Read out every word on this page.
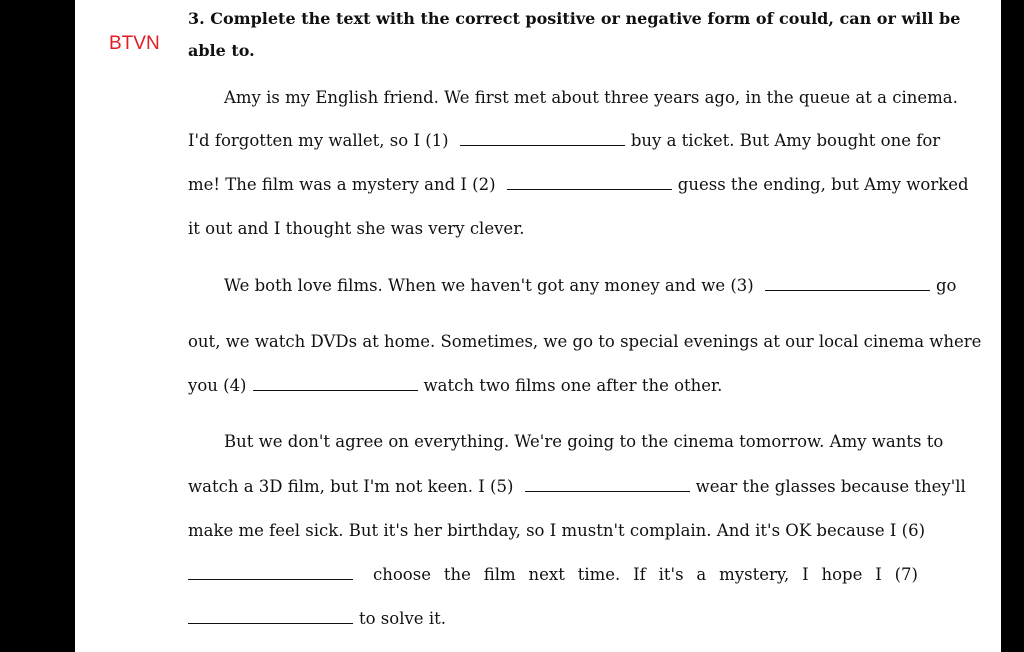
BTVN
3. Complete the text with the correct positive or negative form of could, can or will be
able to.
Amy is my English friend. We first met about three years ago, in the queue at a cinema.
I'd forgotten my wallet, so I (1)	buy a ticket. But Amy bought one for
me! The film was a mystery and I (2)	guess the ending, but Amy worked
it out and I thought she was very clever.
We both love films. When we haven't got any money and we (3)	go
out, we watch DVDs at home. Sometimes, we go to special evenings at our local cinema where
you (4)	watch two films one after the other.
But we don't agree on everything. We're going to the cinema tomorrow. Amy wants to
watch a 3D film, but I'm not keen. I (5)	wear the glasses because they'll
make me feel sick. But it's her birthday, so I mustn't complain. And it's OK because I (6)
choose the film next time. If it's a mystery, I hope I (7)
to solve it.
